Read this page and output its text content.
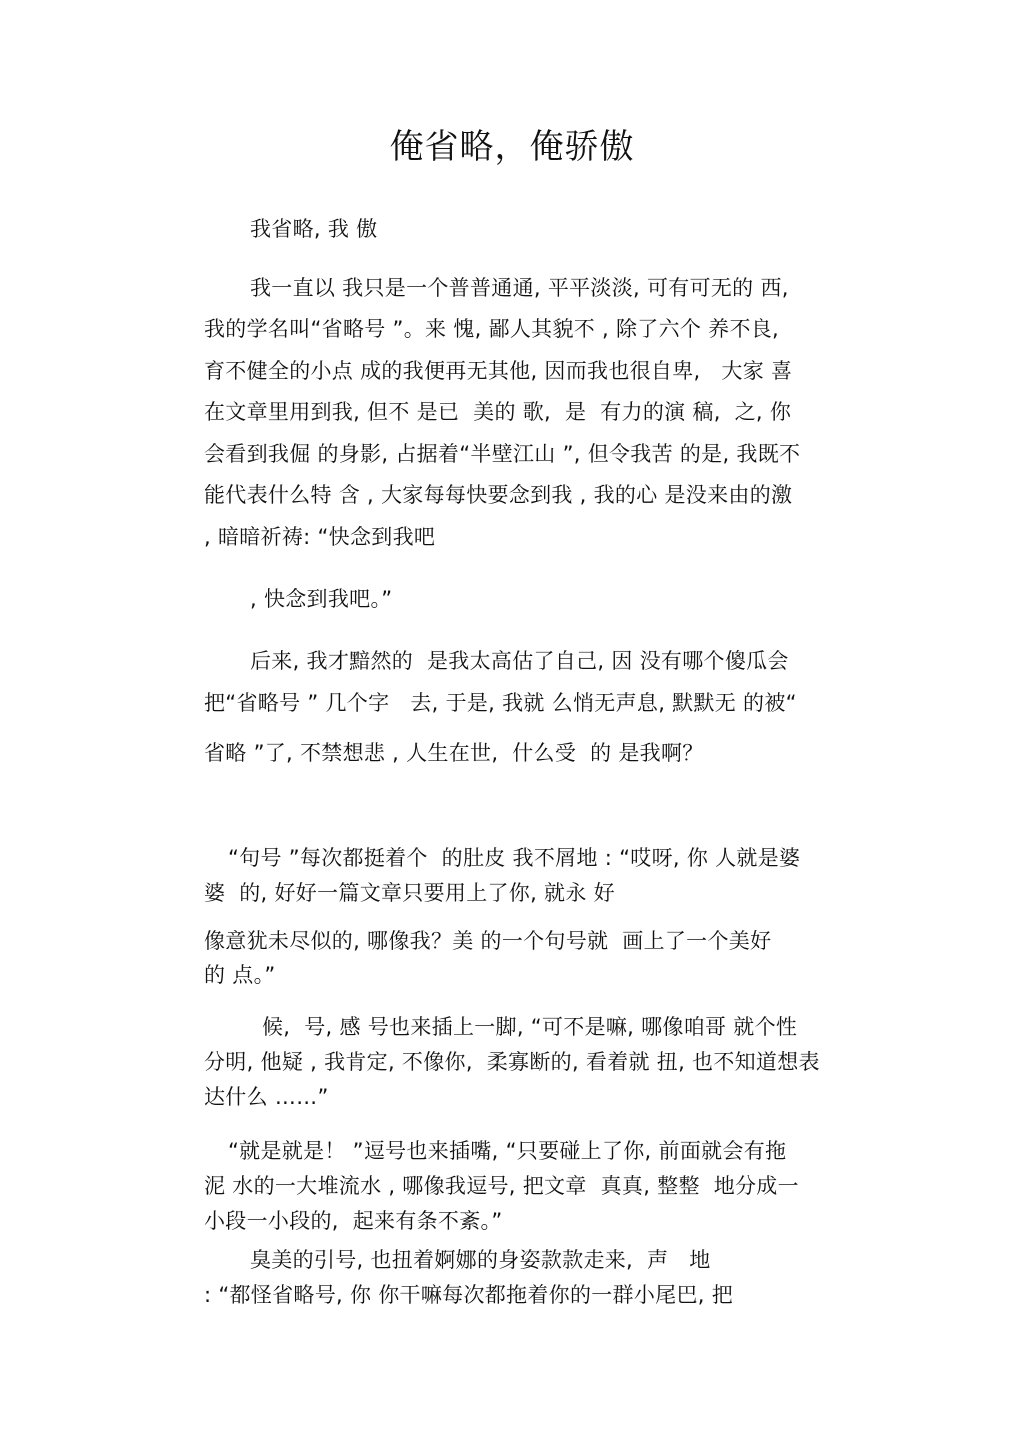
俺省略，俺骄傲
我省略, 我 傲
我一直以 我只是一个普普通通, 平平淡淡, 可有可无的 西,
我的学名叫“省略号 ”。来 愧, 鄙人其貌不 , 除了六个 养不良,
育不健全的小点 成的我便再无其他, 因而我也很自卑,   大家 喜
在文章里用到我, 但不 是已  美的 歌,  是  有力的演 稿,  之, 你
会看到我倔 的身影, 占据着“半壁江山 ”, 但令我苦 的是, 我既不
能代表什么特 含 , 大家每每快要念到我 , 我的心 是没来由的激
, 暗暗祈祷: “快念到我吧
, 快念到我吧。”
后来, 我才黯然的  是我太高估了自己, 因 没有哪个傻瓜会
把“省略号 ” 几个字   去, 于是, 我就 么悄无声息, 默默无 的被“
省略 ”了, 不禁想悲 , 人生在世,  什么受  的 是我啊？
“句号 ”每次都挺着个  的肚皮 我不屑地 : “哎呀, 你 人就是婆
婆  的, 好好一篇文章只要用上了你, 就永 好
像意犹未尽似的, 哪像我？美 的一个句号就  画上了一个美好
的 点。”
候,  号, 感 号也来插上一脚, “可不是嘛, 哪像咱哥 就个性
分明, 他疑 , 我肯定, 不像你,  柔寡断的, 看着就 扭, 也不知道想表
达什么 ……”
“就是就是！ ”逗号也来插嘴, “只要碰上了你, 前面就会有拖
泥 水的一大堆流水 , 哪像我逗号, 把文章  真真, 整整  地分成一
小段一小段的,  起来有条不紊。”
臭美的引号, 也扭着婀娜的身姿款款走来,  声   地
: “都怪省略号, 你 你干嘛每次都拖着你的一群小尾巴, 把
